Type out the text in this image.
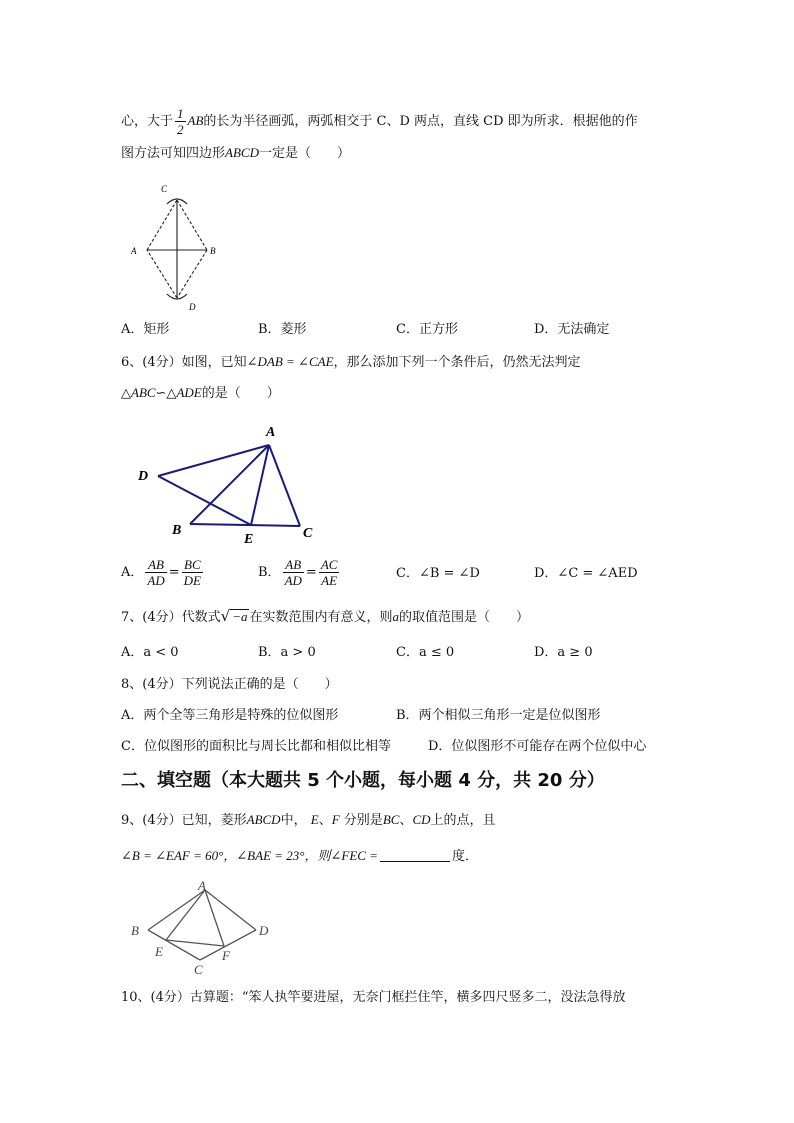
心，大于 $\frac{1}{2}$ AB的长为半径画弧，两弧相交于 C、D 两点，直线 CD 即为所求．根据他的作
图方法可知四边形ABCD一定是（　　）
C
A	B
D
A．矩形	B．菱形	C．正方形	D．无法确定
6、(4分）如图，已知∠DAB = ∠CAE，那么添加下列一个条件后，仍然无法判定
△ABC∽△ADE的是（　　）
A
D
B
E	C
A． $\frac{AB}{AD} = \frac{BC}{DE}$	B． $\frac{AB}{AD} = \frac{AC}{AE}$	C．∠B = ∠D	D．∠C = ∠AED
7、(4分）代数式√ −a 在实数范围内有意义，则a的取值范围是（　　）
A．a < 0	B．a > 0	C．a ≤ 0	D．a ≥ 0
8、(4分）下列说法正确的是（　　）
A．两个全等三角形是特殊的位似图形	B．两个相似三角形一定是位似图形
C．位似图形的面积比与周长比都和相似比相等	D．位似图形不可能存在两个位似中心
二、填空题（本大题共 5 个小题，每小题 4 分，共 20 分）
9、(4分）已知，菱形ABCD中， E、F 分别是BC、CD上的点，且
∠B = ∠EAF = 60°，∠BAE = 23°，则∠FEC =	度．
A
B	D
E	F
C
10、(4分）古算题：“笨人执竿要进屋，无奈门框拦住竿，横多四尺竖多二，没法急得放
